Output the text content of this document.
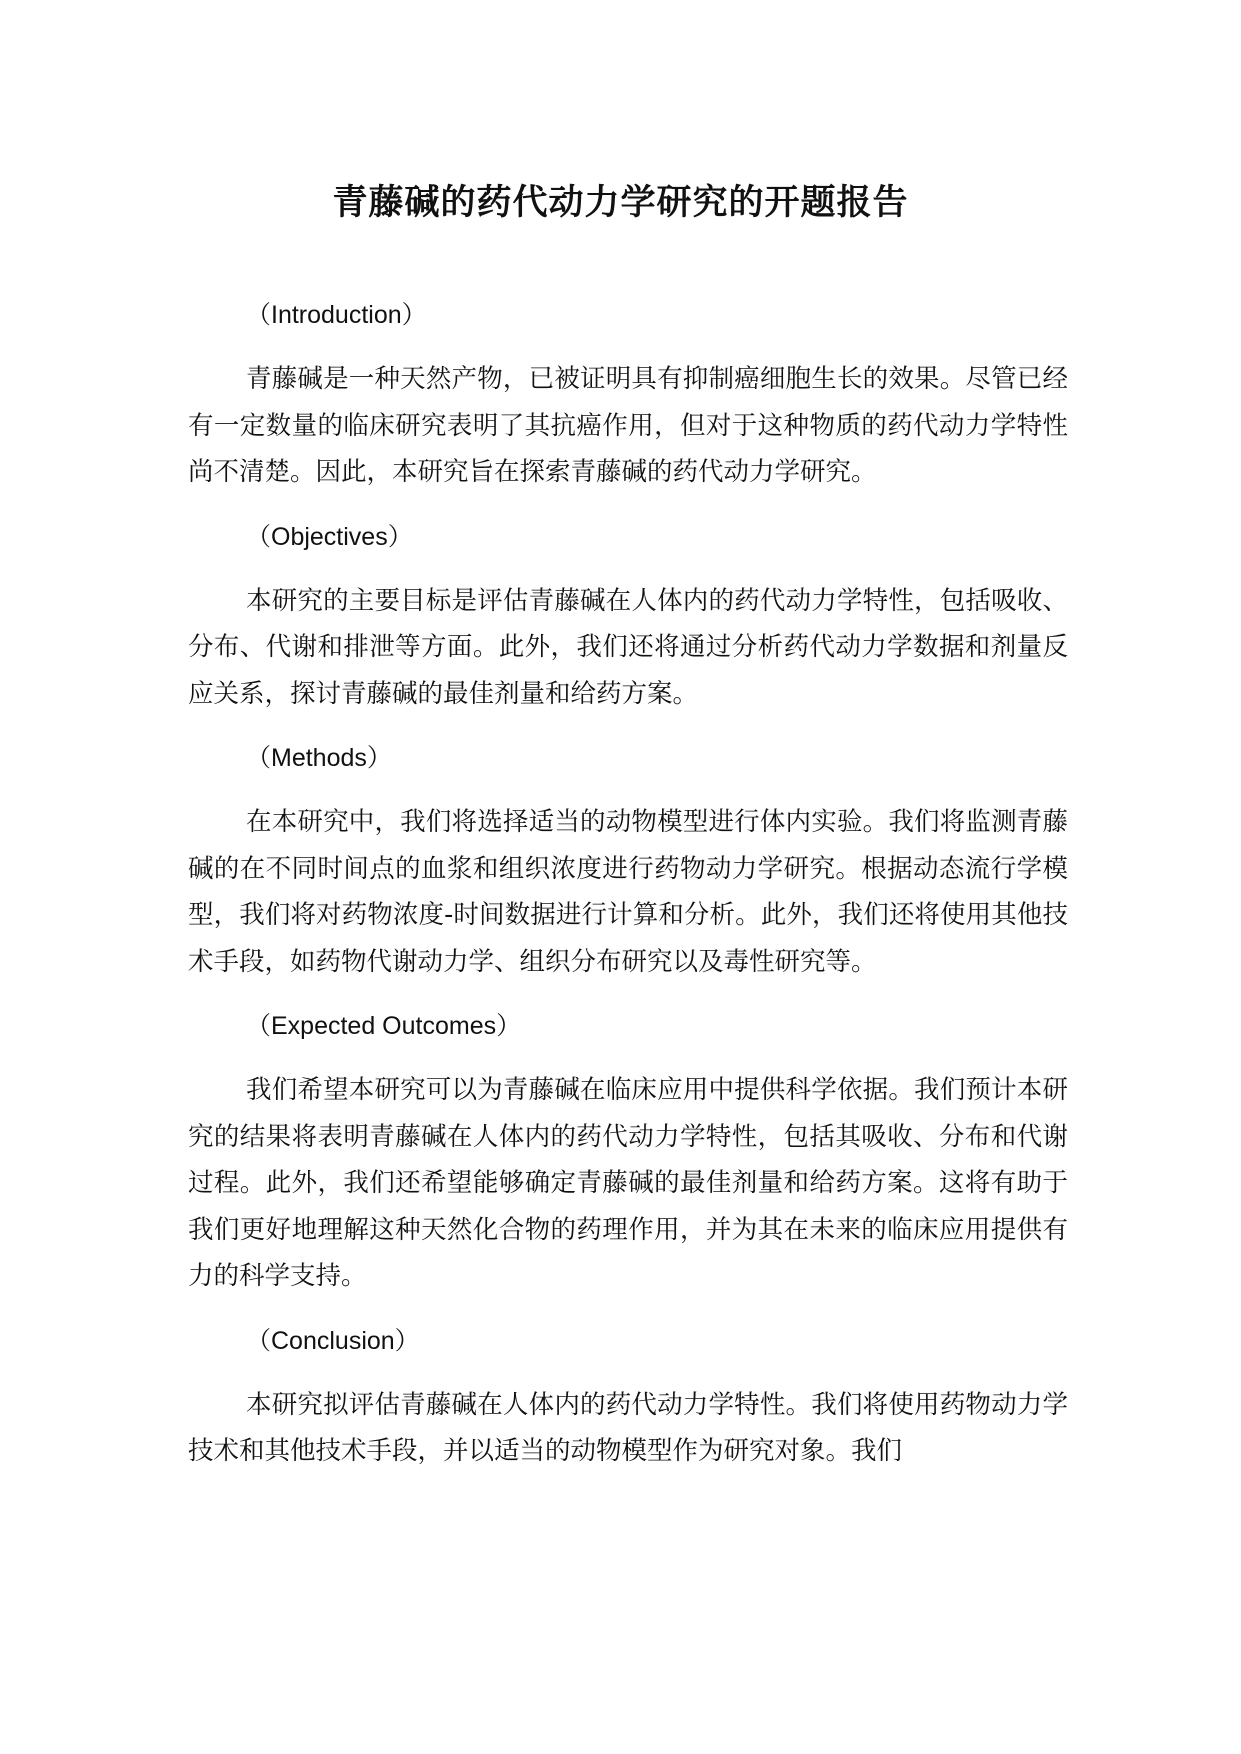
青藤碱的药代动力学研究的开题报告

（Introduction）

青藤碱是一种天然产物，已被证明具有抑制癌细胞生长的效果。尽管已经有一定数量的临床研究表明了其抗癌作用，但对于这种物质的药代动力学特性尚不清楚。因此，本研究旨在探索青藤碱的药代动力学研究。

（Objectives）

本研究的主要目标是评估青藤碱在人体内的药代动力学特性，包括吸收、分布、代谢和排泄等方面。此外，我们还将通过分析药代动力学数据和剂量反应关系，探讨青藤碱的最佳剂量和给药方案。

（Methods）

在本研究中，我们将选择适当的动物模型进行体内实验。我们将监测青藤碱的在不同时间点的血浆和组织浓度进行药物动力学研究。根据动态流行学模型，我们将对药物浓度-时间数据进行计算和分析。此外，我们还将使用其他技术手段，如药物代谢动力学、组织分布研究以及毒性研究等。

（Expected Outcomes）

我们希望本研究可以为青藤碱在临床应用中提供科学依据。我们预计本研究的结果将表明青藤碱在人体内的药代动力学特性，包括其吸收、分布和代谢过程。此外，我们还希望能够确定青藤碱的最佳剂量和给药方案。这将有助于我们更好地理解这种天然化合物的药理作用，并为其在未来的临床应用提供有力的科学支持。

（Conclusion）

本研究拟评估青藤碱在人体内的药代动力学特性。我们将使用药物动力学技术和其他技术手段，并以适当的动物模型作为研究对象。我们
